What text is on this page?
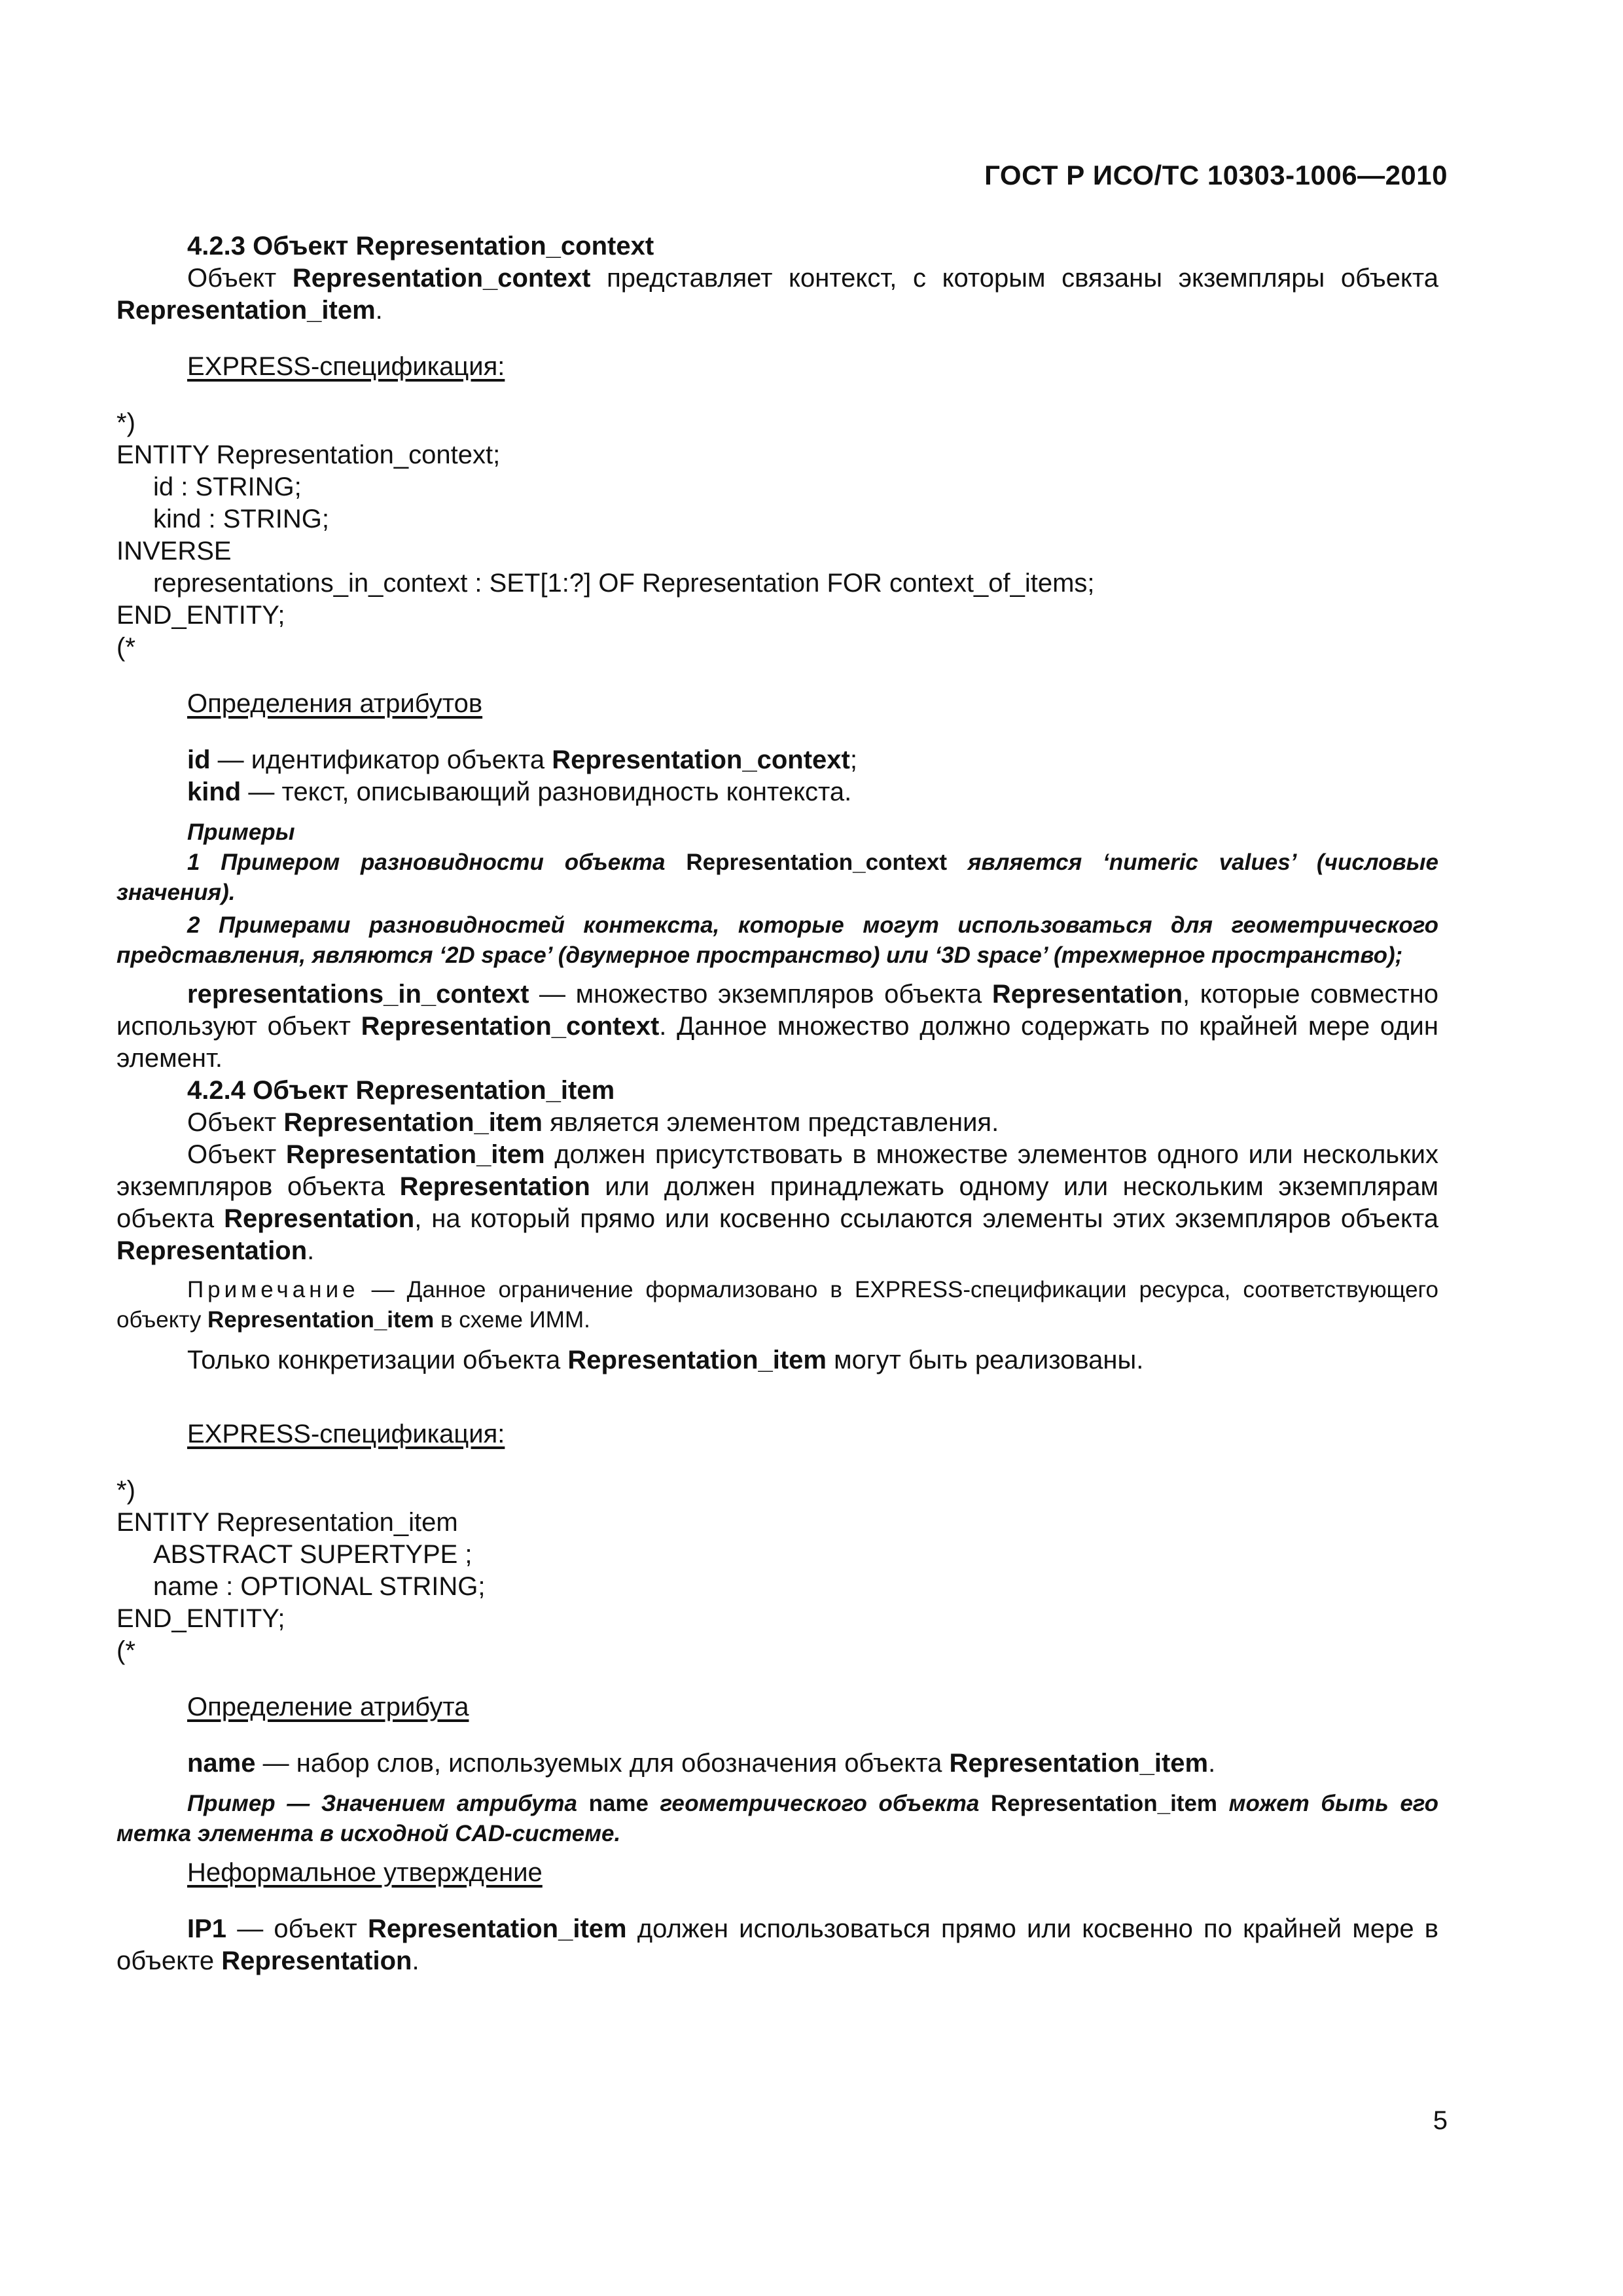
ГОСТ Р ИСО/ТС 10303-1006—2010

4.2.3 Объект Representation_context

Объект Representation_context представляет контекст, с которым связаны экземпляры объекта Representation_item.

EXPRESS-спецификация:

*)

ENTITY Representation_context;

id : STRING;

kind : STRING;

INVERSE

representations_in_context : SET[1:?] OF Representation FOR context_of_items;

END_ENTITY;

(*

Определения атрибутов

id — идентификатор объекта Representation_context;

kind — текст, описывающий разновидность контекста.

Примеры

1 Примером разновидности объекта Representation_context является ‘numeric values’ (числовые значения).

2 Примерами разновидностей контекста, которые могут использоваться для геометрического представления, являются ‘2D space’ (двумерное пространство) или ‘3D space’ (трехмерное пространство);

representations_in_context — множество экземпляров объекта Representation, которые совместно используют объект Representation_context. Данное множество должно содержать по крайней мере один элемент.

4.2.4 Объект Representation_item

Объект Representation_item является элементом представления.

Объект Representation_item должен присутствовать в множестве элементов одного или нескольких экземпляров объекта Representation или должен принадлежать одному или нескольким экземплярам объекта Representation, на который прямо или косвенно ссылаются элементы этих экземпляров объекта Representation.

Примечание — Данное ограничение формализовано в EXPRESS-спецификации ресурса, соответствующего объекту Representation_item в схеме ИММ.

Только конкретизации объекта Representation_item могут быть реализованы.

EXPRESS-спецификация:

*)

ENTITY Representation_item

ABSTRACT SUPERTYPE ;

name : OPTIONAL STRING;

END_ENTITY;

(*

Определение атрибута

name — набор слов, используемых для обозначения объекта Representation_item.

Пример — Значением атрибута name геометрического объекта Representation_item может быть его метка элемента в исходной CAD-системе.

Неформальное утверждение

IP1 — объект Representation_item должен использоваться прямо или косвенно по крайней мере в объекте Representation.

5
